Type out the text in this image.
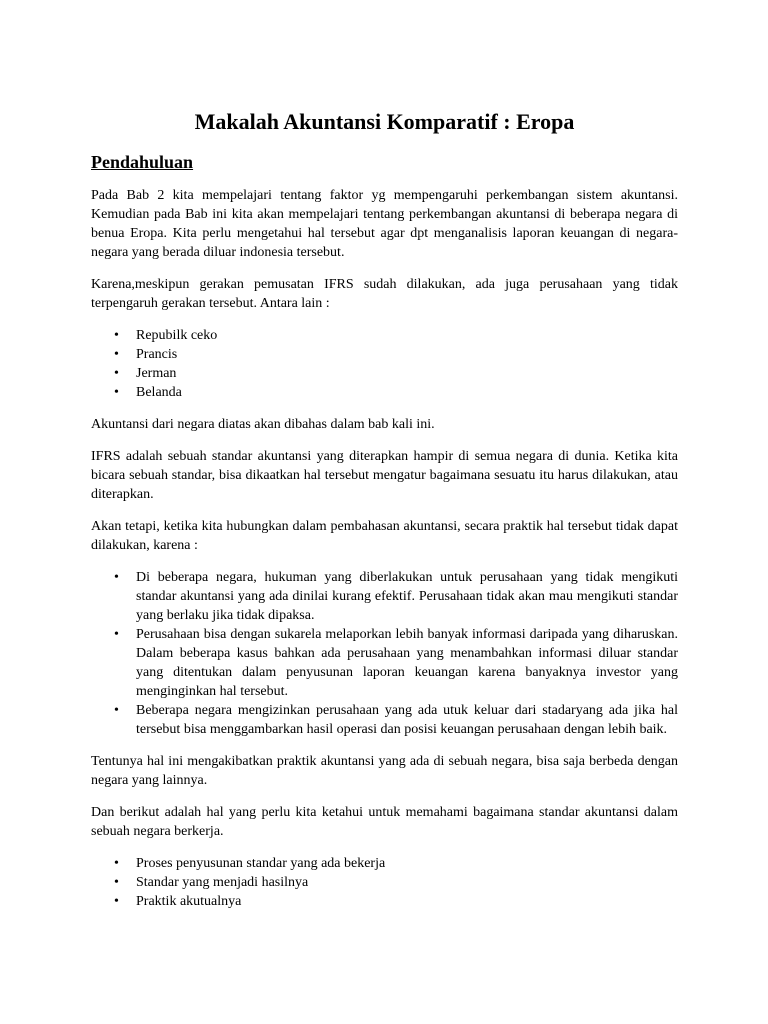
Makalah Akuntansi Komparatif : Eropa
Pendahuluan

Pada Bab 2 kita mempelajari tentang faktor yg mempengaruhi perkembangan sistem akuntansi. Kemudian pada Bab ini kita akan mempelajari tentang perkembangan akuntansi di beberapa negara di benua Eropa. Kita perlu mengetahui hal tersebut agar dpt menganalisis laporan keuangan di negara-negara yang berada diluar indonesia tersebut.

Karena,meskipun gerakan pemusatan IFRS sudah dilakukan, ada juga perusahaan yang tidak terpengaruh gerakan tersebut. Antara lain :

• Repubilk ceko
• Prancis
• Jerman
• Belanda

Akuntansi dari negara diatas akan dibahas dalam bab kali ini.

IFRS adalah sebuah standar akuntansi yang diterapkan hampir di semua negara di dunia. Ketika kita bicara sebuah standar, bisa dikaatkan hal tersebut mengatur bagaimana sesuatu itu harus dilakukan, atau diterapkan.

Akan tetapi, ketika kita hubungkan dalam pembahasan akuntansi, secara praktik hal tersebut tidak dapat dilakukan, karena :

• Di beberapa negara, hukuman yang diberlakukan untuk perusahaan yang tidak mengikuti standar akuntansi yang ada dinilai kurang efektif. Perusahaan tidak akan mau mengikuti standar yang berlaku jika tidak dipaksa.
• Perusahaan bisa dengan sukarela melaporkan lebih banyak informasi daripada yang diharuskan. Dalam beberapa kasus bahkan ada perusahaan yang menambahkan informasi diluar standar yang ditentukan dalam penyusunan laporan keuangan karena banyaknya investor yang menginginkan hal tersebut.
• Beberapa negara mengizinkan perusahaan yang ada utuk keluar dari stadaryang ada jika hal tersebut bisa menggambarkan hasil operasi dan posisi keuangan perusahaan dengan lebih baik.

Tentunya hal ini mengakibatkan praktik akuntansi yang ada di sebuah negara, bisa saja berbeda dengan negara yang lainnya.

Dan berikut adalah hal yang perlu kita ketahui untuk memahami bagaimana standar akuntansi dalam sebuah negara berkerja.

• Proses penyusunan standar yang ada bekerja
• Standar yang menjadi hasilnya
• Praktik akutualnya
